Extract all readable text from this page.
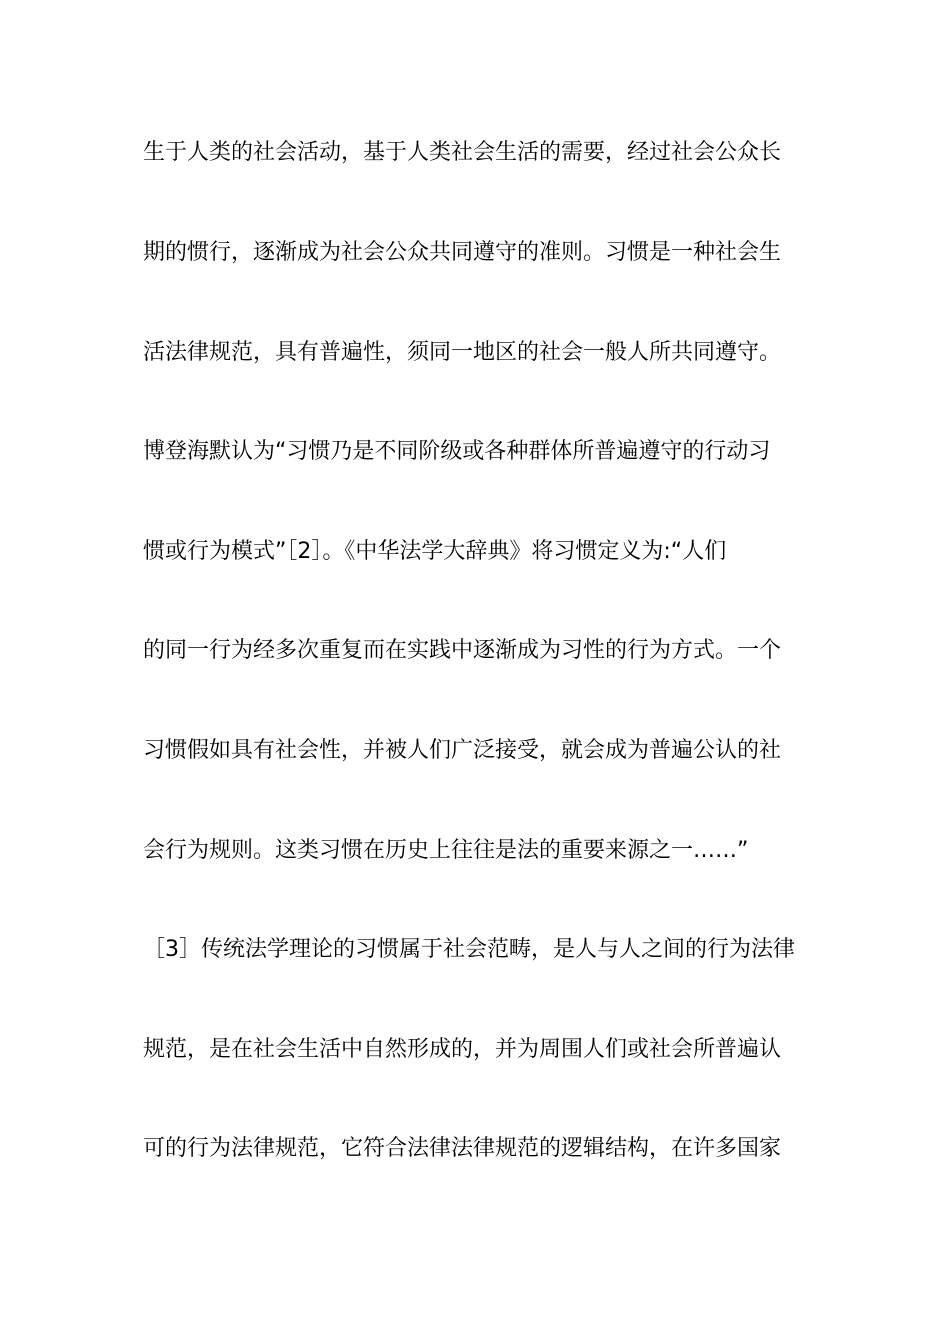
生于人类的社会活动，基于人类社会生活的需要，经过社会公众长
期的惯行，逐渐成为社会公众共同遵守的准则。习惯是一种社会生
活法律规范，具有普遍性，须同一地区的社会一般人所共同遵守。
博登海默认为“习惯乃是不同阶级或各种群体所普遍遵守的行动习
惯或行为模式”［2］。《中华法学大辞典》将习惯定义为:“人们
的同一行为经多次重复而在实践中逐渐成为习性的行为方式。一个
习惯假如具有社会性，并被人们广泛接受，就会成为普遍公认的社
会行为规则。这类习惯在历史上往往是法的重要来源之一……”
［3］传统法学理论的习惯属于社会范畴，是人与人之间的行为法律
规范，是在社会生活中自然形成的，并为周围人们或社会所普遍认
可的行为法律规范，它符合法律法律规范的逻辑结构，在许多国家
